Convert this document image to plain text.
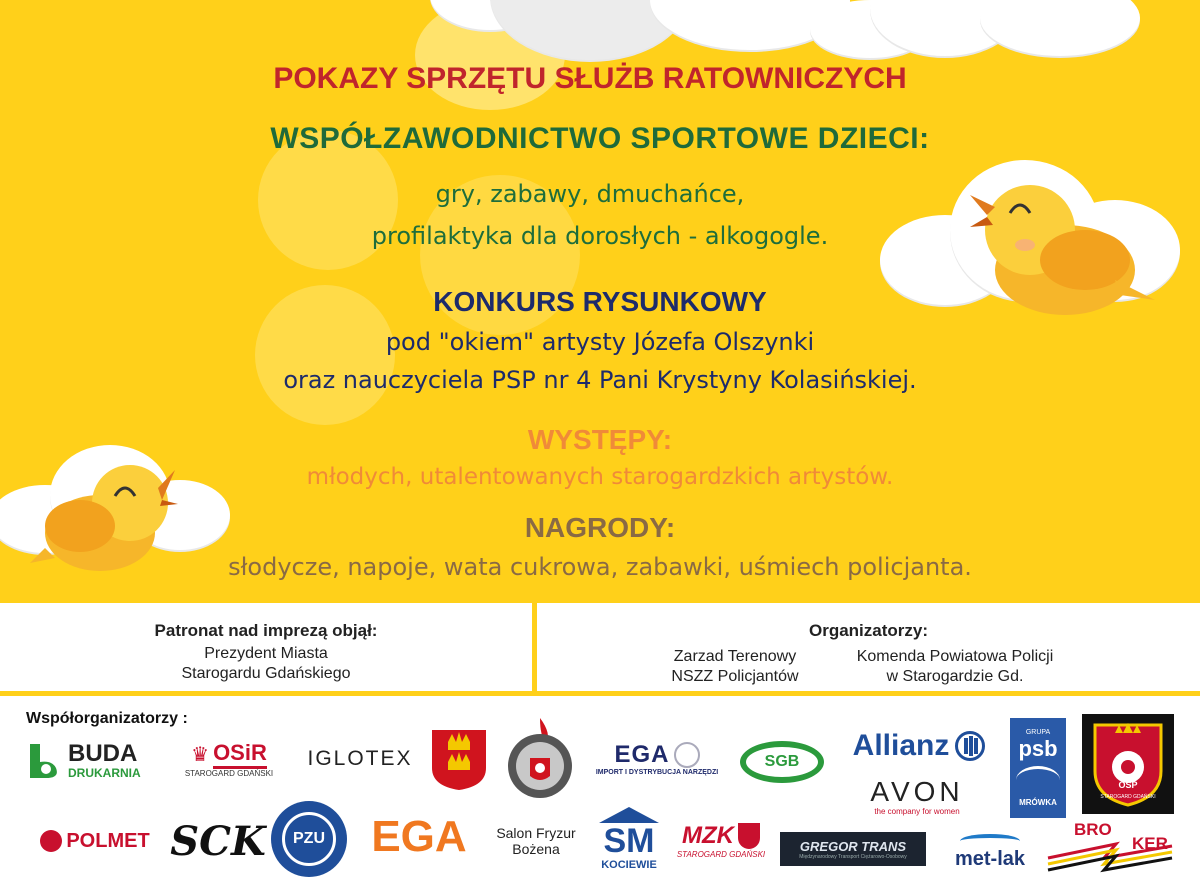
POKAZY SPRZĘTU SŁUŻB RATOWNICZYCH
WSPÓŁZAWODNICTWO SPORTOWE DZIECI:
gry, zabawy, dmuchańce,
profilaktyka dla dorosłych - alkogogle.
KONKURS RYSUNKOWY
pod "okiem" artysty Józefa Olszynki
oraz nauczyciela PSP nr 4 Pani Krystyny Kolasińskiej.
WYSTĘPY:
młodych, utalentowanych starogardzkich artystów.
NAGRODY:
słodycze, napoje, wata cukrowa, zabawki, uśmiech policjanta.
Patronat nad imprezą objął:
Prezydent Miasta
Starogardu Gdańskiego
Organizatorzy:
Zarzad Terenowy
NSZZ Policjantów
Komenda Powiatowa Policji
w Starogardzie Gd.
Współorganizatorzy :
BUDA
DRUKARNIA
♛ OSiR
STAROGARD GDAŃSKI
IGLOTEX	EGA
IMPORT I DYSTRYBUCJA NARZĘDZI
SGB Allianz
AVON
the company for women
GRUPA
psb
MRÓWKA
OSP
STAROGARD GDAŃSKI
POLMET SCK PZU EGA	Salon Fryzur
Bożena SM
KOCIEWIE
MZK
STAROGARD GDAŃSKI
GREGOR TRANS
Międzynarodowy Transport Ciężarowo-Osobowy met-lak
BRO
KER
